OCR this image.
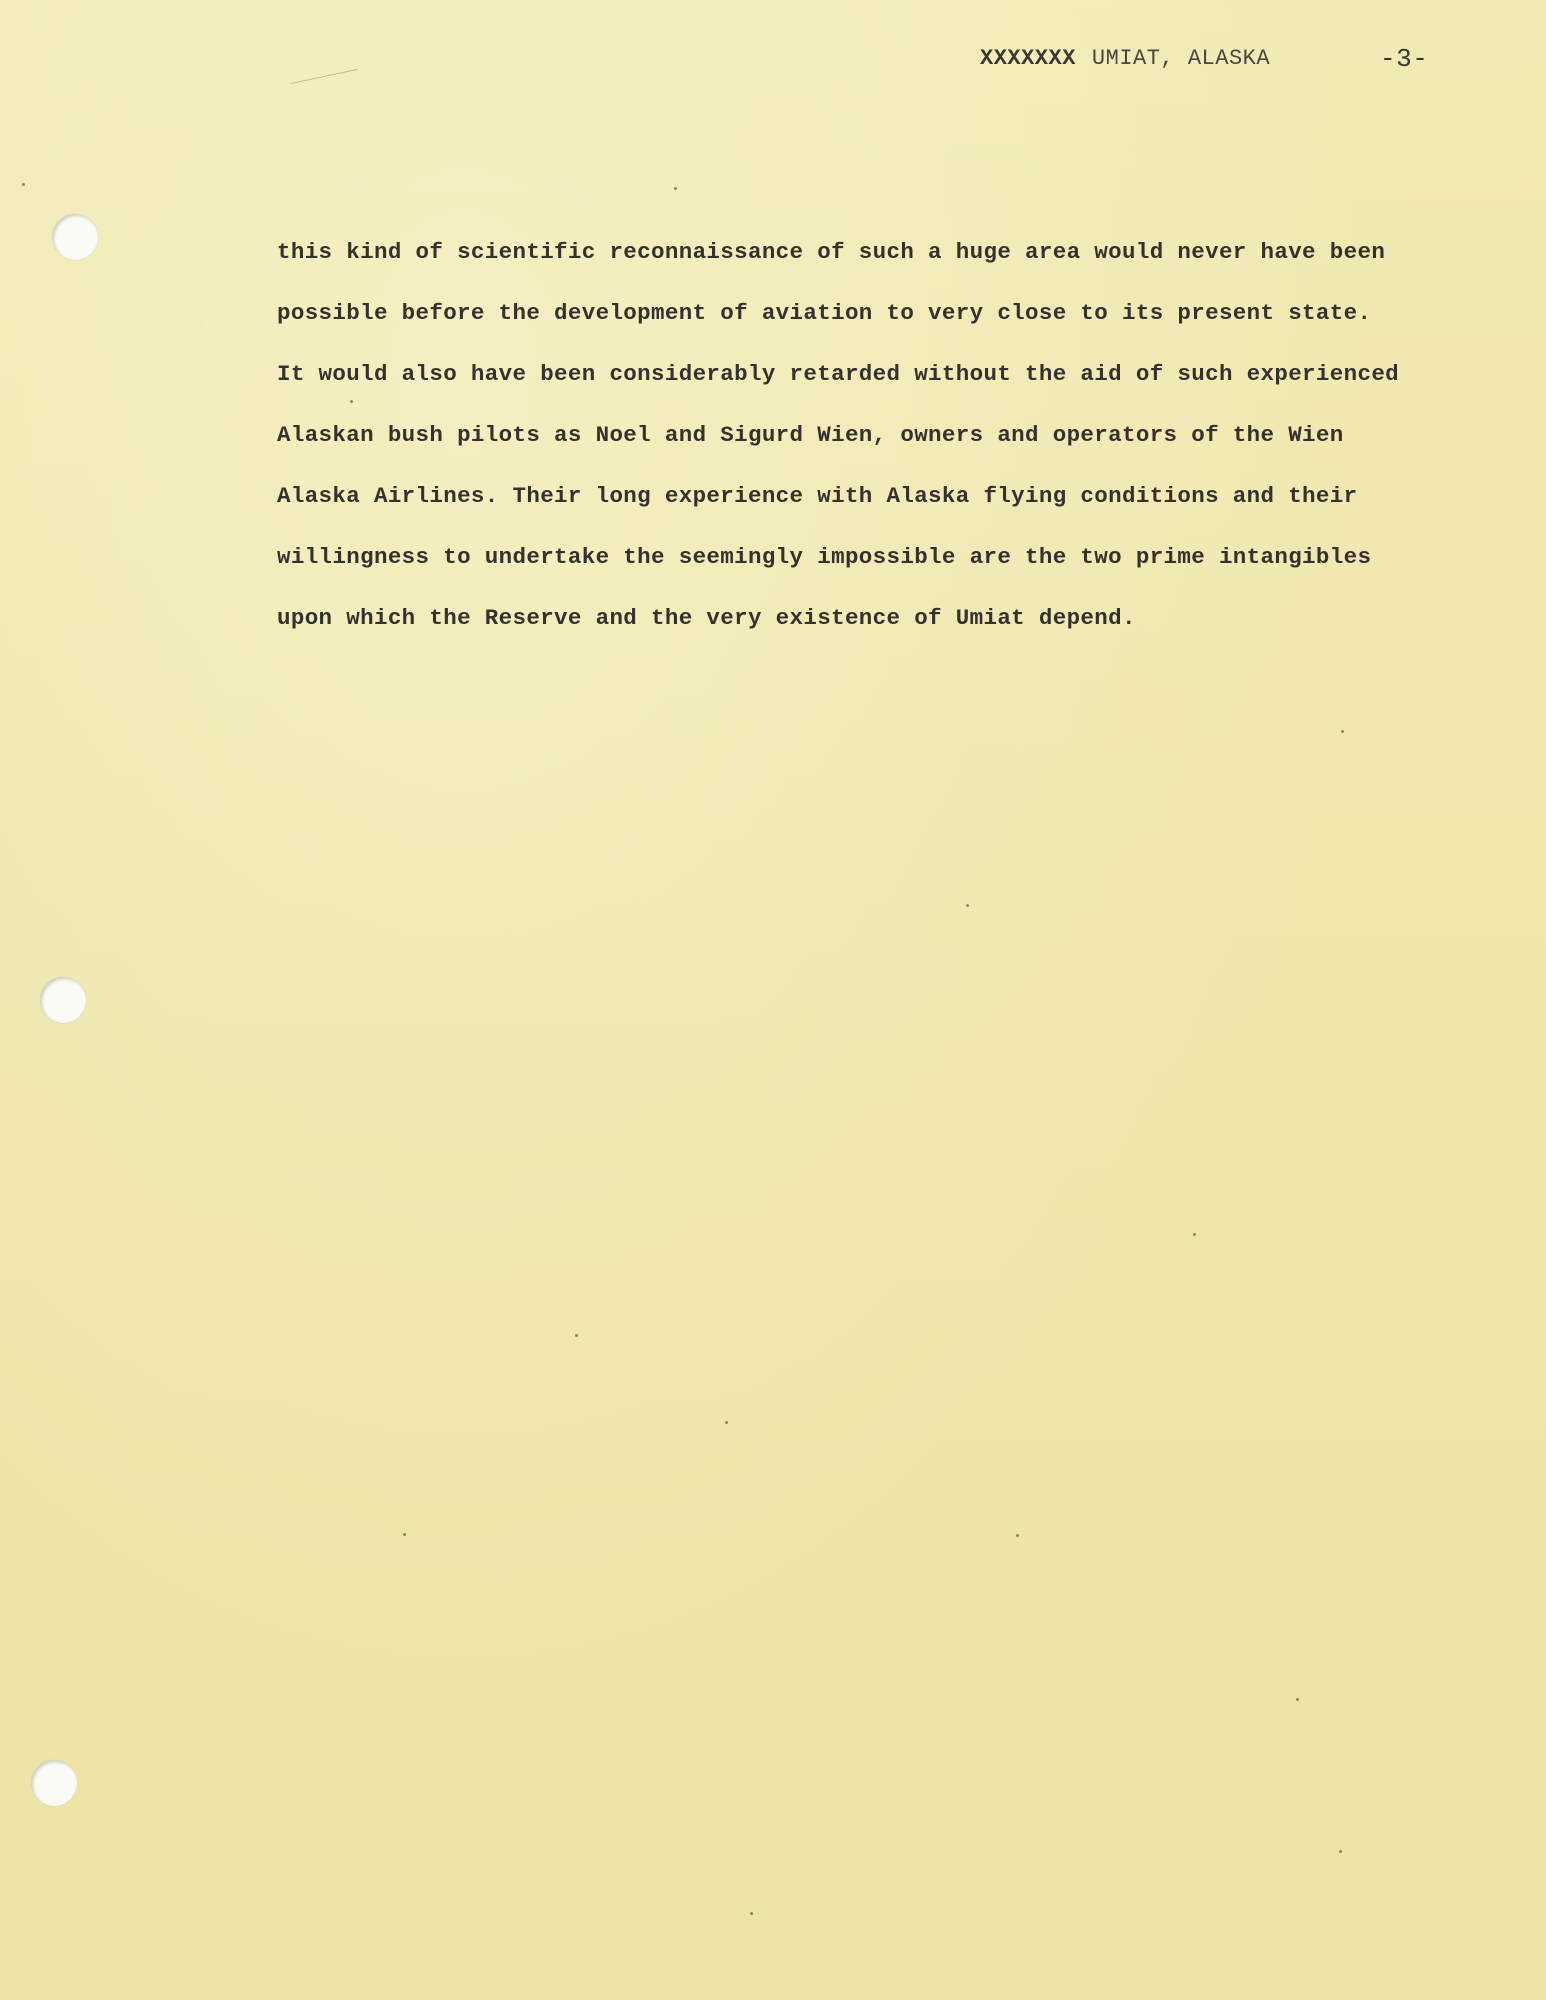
XXXXXXX UMIAT, ALASKA	-3-
this kind of scientific reconnaissance of such a huge area would never have been
possible before the development of aviation to very close to its present state.
It would also have been considerably retarded without the aid of such experienced
Alaskan bush pilots as Noel and Sigurd Wien, owners and operators of the Wien
Alaska Airlines. Their long experience with Alaska flying conditions and their
willingness to undertake the seemingly impossible are the two prime intangibles
upon which the Reserve and the very existence of Umiat depend.
